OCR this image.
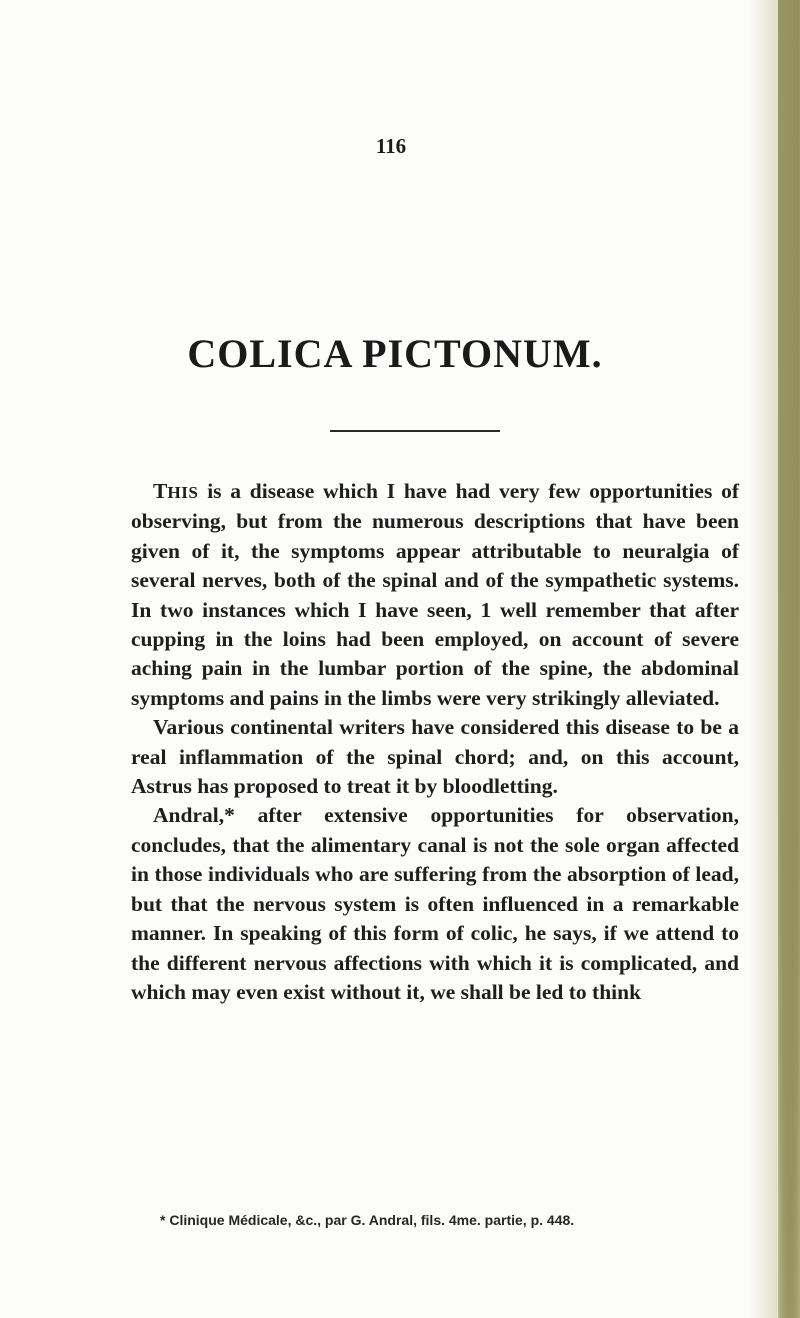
116
COLICA PICTONUM.

THIS is a disease which I have had very few opportunities of observing, but from the numerous descriptions that have been given of it, the symptoms appear attributable to neuralgia of several nerves, both of the spinal and of the sympathetic systems. In two instances which I have seen, 1 well remember that after cupping in the loins had been employed, on account of severe aching pain in the lumbar portion of the spine, the abdominal symptoms and pains in the limbs were very strikingly alleviated.

Various continental writers have considered this disease to be a real inflammation of the spinal chord; and, on this account, Astrus has proposed to treat it by bloodletting.

Andral,* after extensive opportunities for observation, concludes, that the alimentary canal is not the sole organ affected in those individuals who are suffering from the absorption of lead, but that the nervous system is often influenced in a remarkable manner. In speaking of this form of colic, he says, if we attend to the different nervous affections with which it is complicated, and which may even exist without it, we shall be led to think

* Clinique Médicale, &c., par G. Andral, fils. 4me. partie, p. 448.
